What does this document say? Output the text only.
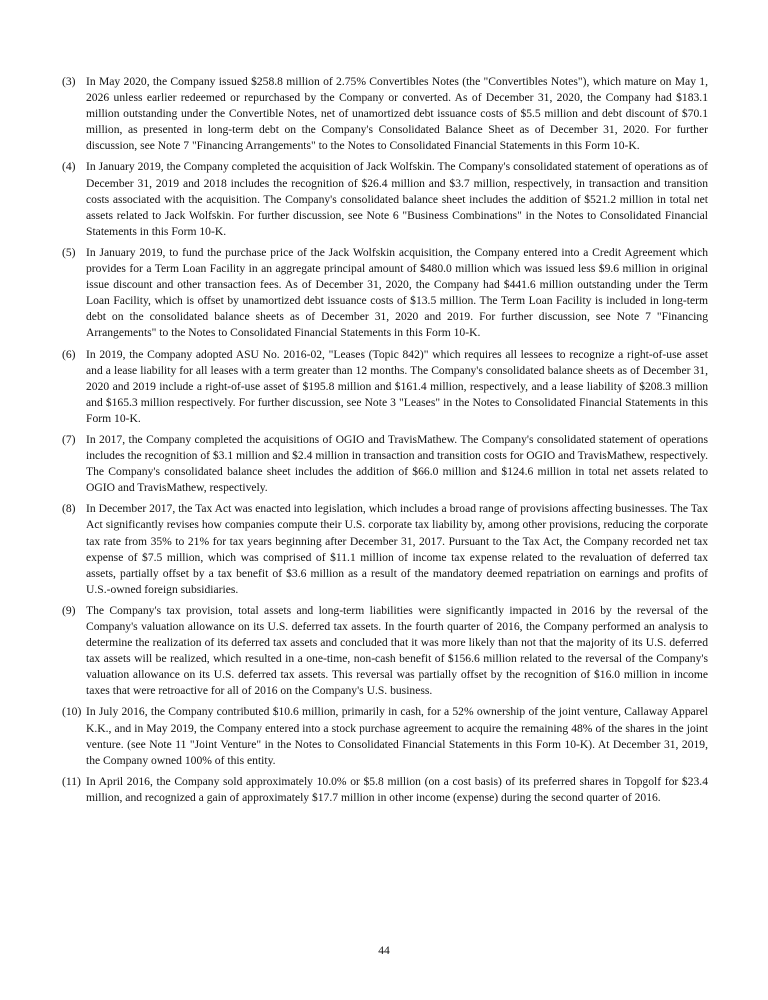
(3) In May 2020, the Company issued $258.8 million of 2.75% Convertibles Notes (the "Convertibles Notes"), which mature on May 1, 2026 unless earlier redeemed or repurchased by the Company or converted. As of December 31, 2020, the Company had $183.1 million outstanding under the Convertible Notes, net of unamortized debt issuance costs of $5.5 million and debt discount of $70.1 million, as presented in long-term debt on the Company's Consolidated Balance Sheet as of December 31, 2020. For further discussion, see Note 7 "Financing Arrangements" to the Notes to Consolidated Financial Statements in this Form 10-K.
(4) In January 2019, the Company completed the acquisition of Jack Wolfskin. The Company's consolidated statement of operations as of December 31, 2019 and 2018 includes the recognition of $26.4 million and $3.7 million, respectively, in transaction and transition costs associated with the acquisition. The Company's consolidated balance sheet includes the addition of $521.2 million in total net assets related to Jack Wolfskin. For further discussion, see Note 6 "Business Combinations" in the Notes to Consolidated Financial Statements in this Form 10-K.
(5) In January 2019, to fund the purchase price of the Jack Wolfskin acquisition, the Company entered into a Credit Agreement which provides for a Term Loan Facility in an aggregate principal amount of $480.0 million which was issued less $9.6 million in original issue discount and other transaction fees. As of December 31, 2020, the Company had $441.6 million outstanding under the Term Loan Facility, which is offset by unamortized debt issuance costs of $13.5 million. The Term Loan Facility is included in long-term debt on the consolidated balance sheets as of December 31, 2020 and 2019. For further discussion, see Note 7 "Financing Arrangements" to the Notes to Consolidated Financial Statements in this Form 10-K.
(6) In 2019, the Company adopted ASU No. 2016-02, "Leases (Topic 842)" which requires all lessees to recognize a right-of-use asset and a lease liability for all leases with a term greater than 12 months. The Company's consolidated balance sheets as of December 31, 2020 and 2019 include a right-of-use asset of $195.8 million and $161.4 million, respectively, and a lease liability of $208.3 million and $165.3 million respectively. For further discussion, see Note 3 "Leases" in the Notes to Consolidated Financial Statements in this Form 10-K.
(7) In 2017, the Company completed the acquisitions of OGIO and TravisMathew. The Company's consolidated statement of operations includes the recognition of $3.1 million and $2.4 million in transaction and transition costs for OGIO and TravisMathew, respectively. The Company's consolidated balance sheet includes the addition of $66.0 million and $124.6 million in total net assets related to OGIO and TravisMathew, respectively.
(8) In December 2017, the Tax Act was enacted into legislation, which includes a broad range of provisions affecting businesses. The Tax Act significantly revises how companies compute their U.S. corporate tax liability by, among other provisions, reducing the corporate tax rate from 35% to 21% for tax years beginning after December 31, 2017. Pursuant to the Tax Act, the Company recorded net tax expense of $7.5 million, which was comprised of $11.1 million of income tax expense related to the revaluation of deferred tax assets, partially offset by a tax benefit of $3.6 million as a result of the mandatory deemed repatriation on earnings and profits of U.S.-owned foreign subsidiaries.
(9) The Company's tax provision, total assets and long-term liabilities were significantly impacted in 2016 by the reversal of the Company's valuation allowance on its U.S. deferred tax assets. In the fourth quarter of 2016, the Company performed an analysis to determine the realization of its deferred tax assets and concluded that it was more likely than not that the majority of its U.S. deferred tax assets will be realized, which resulted in a one-time, non-cash benefit of $156.6 million related to the reversal of the Company's valuation allowance on its U.S. deferred tax assets. This reversal was partially offset by the recognition of $16.0 million in income taxes that were retroactive for all of 2016 on the Company's U.S. business.
(10) In July 2016, the Company contributed $10.6 million, primarily in cash, for a 52% ownership of the joint venture, Callaway Apparel K.K., and in May 2019, the Company entered into a stock purchase agreement to acquire the remaining 48% of the shares in the joint venture. (see Note 11 "Joint Venture" in the Notes to Consolidated Financial Statements in this Form 10-K). At December 31, 2019, the Company owned 100% of this entity.
(11) In April 2016, the Company sold approximately 10.0% or $5.8 million (on a cost basis) of its preferred shares in Topgolf for $23.4 million, and recognized a gain of approximately $17.7 million in other income (expense) during the second quarter of 2016.
44
